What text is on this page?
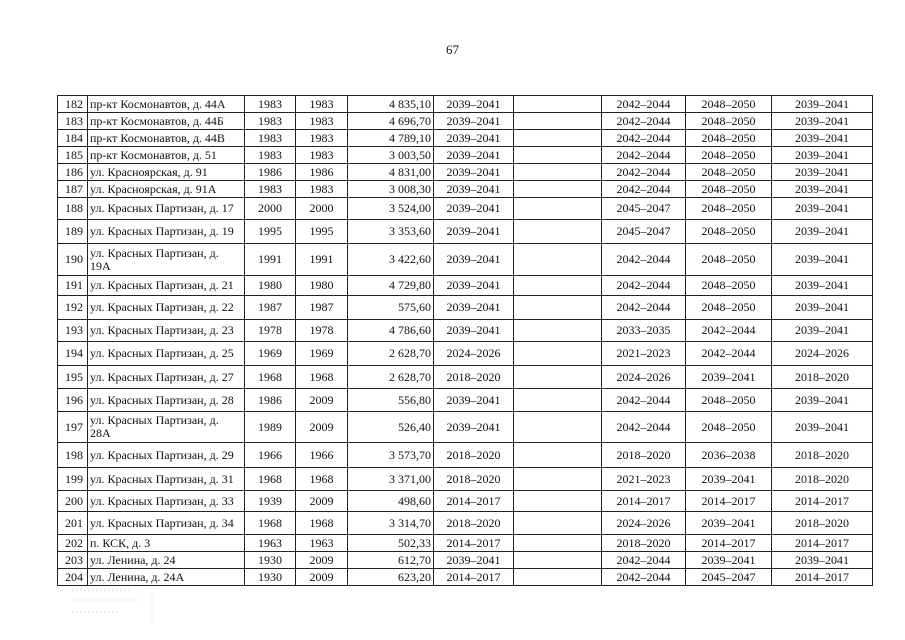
67
182	пр-кт Космонавтов, д. 44А	1983	1983	4 835,10	2039–2041		2042–2044	2048–2050	2039–2041
183	пр-кт Космонавтов, д. 44Б	1983	1983	4 696,70	2039–2041		2042–2044	2048–2050	2039–2041
184	пр-кт Космонавтов, д. 44В	1983	1983	4 789,10	2039–2041		2042–2044	2048–2050	2039–2041
185	пр-кт Космонавтов, д. 51	1983	1983	3 003,50	2039–2041		2042–2044	2048–2050	2039–2041
186	ул. Красноярская, д. 91	1986	1986	4 831,00	2039–2041		2042–2044	2048–2050	2039–2041
187	ул. Красноярская, д. 91А	1983	1983	3 008,30	2039–2041		2042–2044	2048–2050	2039–2041
188	ул. Красных Партизан, д. 17	2000	2000	3 524,00	2039–2041		2045–2047	2048–2050	2039–2041
189	ул. Красных Партизан, д. 19	1995	1995	3 353,60	2039–2041		2045–2047	2048–2050	2039–2041
190	ул. Красных Партизан, д. 19А	1991	1991	3 422,60	2039–2041		2042–2044	2048–2050	2039–2041
191	ул. Красных Партизан, д. 21	1980	1980	4 729,80	2039–2041		2042–2044	2048–2050	2039–2041
192	ул. Красных Партизан, д. 22	1987	1987	575,60	2039–2041		2042–2044	2048–2050	2039–2041
193	ул. Красных Партизан, д. 23	1978	1978	4 786,60	2039–2041		2033–2035	2042–2044	2039–2041
194	ул. Красных Партизан, д. 25	1969	1969	2 628,70	2024–2026		2021–2023	2042–2044	2024–2026
195	ул. Красных Партизан, д. 27	1968	1968	2 628,70	2018–2020		2024–2026	2039–2041	2018–2020
196	ул. Красных Партизан, д. 28	1986	2009	556,80	2039–2041		2042–2044	2048–2050	2039–2041
197	ул. Красных Партизан, д. 28А	1989	2009	526,40	2039–2041		2042–2044	2048–2050	2039–2041
198	ул. Красных Партизан, д. 29	1966	1966	3 573,70	2018–2020		2018–2020	2036–2038	2018–2020
199	ул. Красных Партизан, д. 31	1968	1968	3 371,00	2018–2020		2021–2023	2039–2041	2018–2020
200	ул. Красных Партизан, д. 33	1939	2009	498,60	2014–2017		2014–2017	2014–2017	2014–2017
201	ул. Красных Партизан, д. 34	1968	1968	3 314,70	2018–2020		2024–2026	2039–2041	2018–2020
202	п. КСК, д. 3	1963	1963	502,33	2014–2017		2018–2020	2014–2017	2014–2017
203	ул. Ленина, д. 24	1930	2009	612,70	2039–2041		2042–2044	2039–2041	2039–2041
204	ул. Ленина, д. 24А	1930	2009	623,20	2014–2017		2042–2044	2045–2047	2014–2017
